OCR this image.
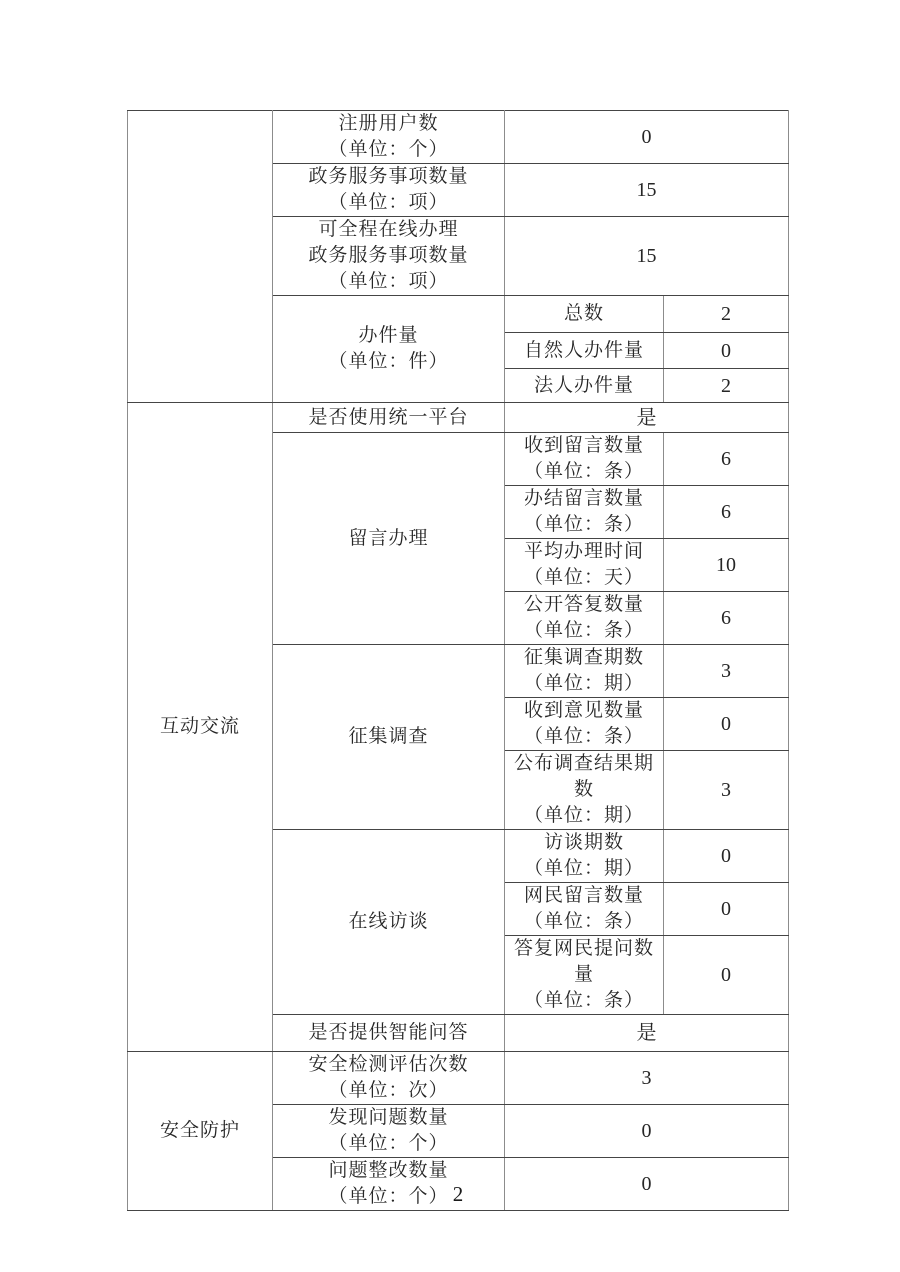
	注册用户数
（单位：个）	0	

	政务服务事项数量
（单位：项）	15	

	可全程在线办理
政务服务事项数量
（单位：项）	15	

	办件量
（单位：件）	总数	2
		自然人办件量	0
		法人办件量	2
互动交流	是否使用统一平台	是	
	留言办理	收到留言数量
（单位：条）	6

		办结留言数量
（单位：条）	6

		平均办理时间
（单位：天）	10

		公开答复数量
（单位：条）	6
	征集调查	征集调查期数
（单位：期）	3

		收到意见数量
（单位：条）	0

		公布调查结果期数
（单位：期）	3
	在线访谈	访谈期数
（单位：期）	0

		网民留言数量
（单位：条）	0

		答复网民提问数量
（单位：条）	0
	是否提供智能问答	是	
安全防护	安全检测评估次数
（单位：次）	3	

	发现问题数量
（单位：个）	0	

	问题整改数量
（单位：个）	0	
2
